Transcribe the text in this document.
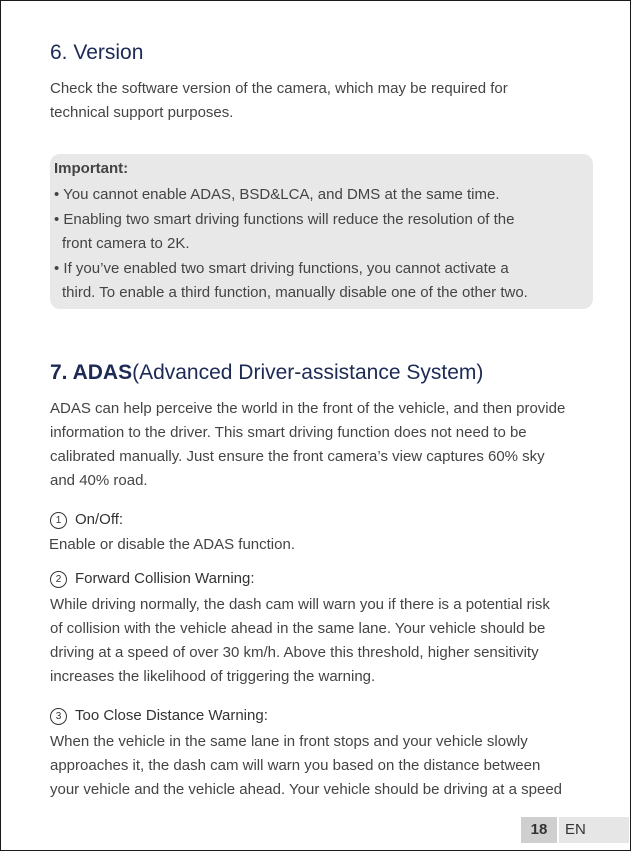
6. Version

Check the software version of the camera, which may be required for

technical support purposes.

Important:

• You cannot enable ADAS, BSD&LCA, and DMS at the same time.

• Enabling two smart driving functions will reduce the resolution of the

front camera to 2K.

• If you’ve enabled two smart driving functions, you cannot activate a

third. To enable a third function, manually disable one of the other two.

7. ADAS(Advanced Driver-assistance System)

ADAS can help perceive the world in the front of the vehicle, and then provide

information to the driver. This smart driving function does not need to be

calibrated manually. Just ensure the front camera’s view captures 60% sky

and 40% road.

1 On/Off:

Enable or disable the ADAS function.

2 Forward Collision Warning:

While driving normally, the dash cam will warn you if there is a potential risk

of collision with the vehicle ahead in the same lane. Your vehicle should be

driving at a speed of over 30 km/h. Above this threshold, higher sensitivity

increases the likelihood of triggering the warning.

3 Too Close Distance Warning:

When the vehicle in the same lane in front stops and your vehicle slowly

approaches it, the dash cam will warn you based on the distance between

your vehicle and the vehicle ahead. Your vehicle should be driving at a speed

18	EN
